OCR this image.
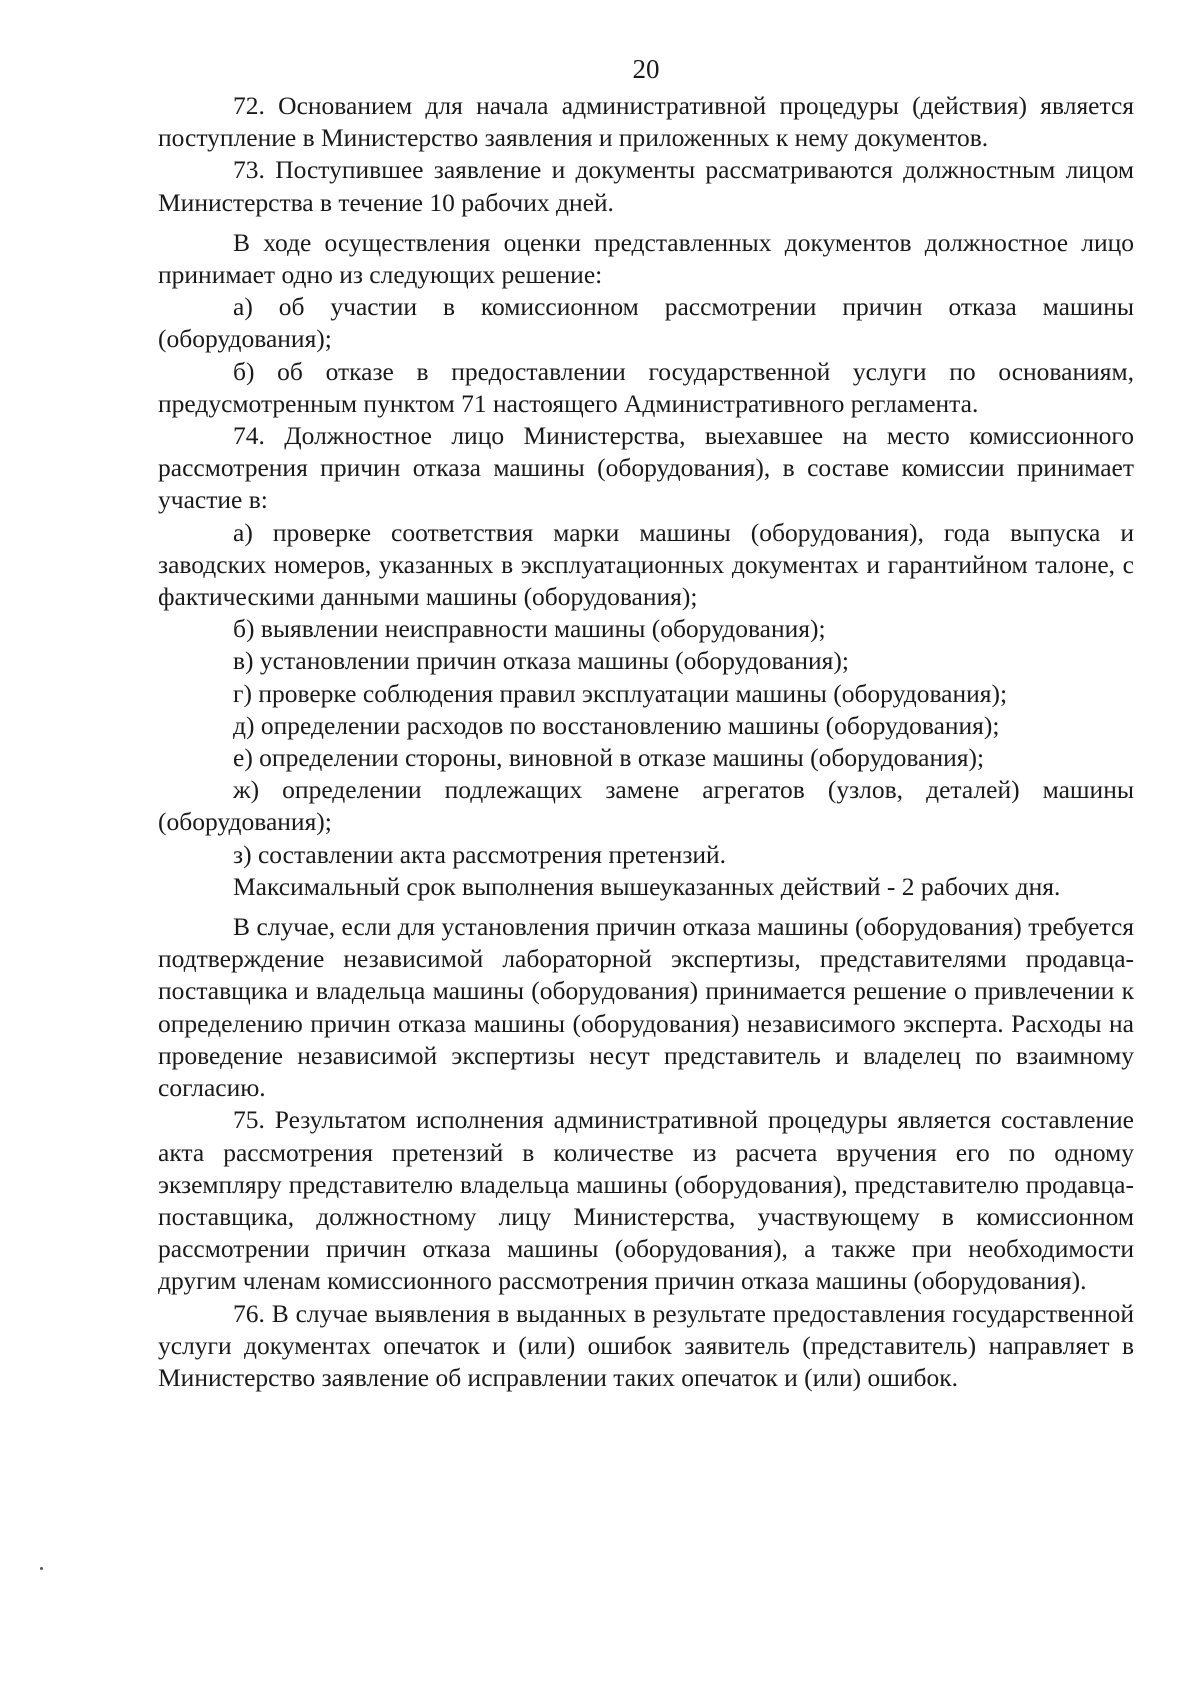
20

72. Основанием для начала административной процедуры (действия) является поступление в Министерство заявления и приложенных к нему документов.

73. Поступившее заявление и документы рассматриваются должностным лицом Министерства в течение 10 рабочих дней.

В ходе осуществления оценки представленных документов должностное лицо принимает одно из следующих решение:

а) об участии в комиссионном рассмотрении причин отказа машины (оборудования);

б) об отказе в предоставлении государственной услуги по основаниям, предусмотренным пунктом 71 настоящего Административного регламента.

74. Должностное лицо Министерства, выехавшее на место комиссионного рассмотрения причин отказа машины (оборудования), в составе комиссии принимает участие в:

а) проверке соответствия марки машины (оборудования), года выпуска и заводских номеров, указанных в эксплуатационных документах и гарантийном талоне, с фактическими данными машины (оборудования);

б) выявлении неисправности машины (оборудования);

в) установлении причин отказа машины (оборудования);

г) проверке соблюдения правил эксплуатации машины (оборудования);

д) определении расходов по восстановлению машины (оборудования);

е) определении стороны, виновной в отказе машины (оборудования);

ж) определении подлежащих замене агрегатов (узлов, деталей) машины (оборудования);

з) составлении акта рассмотрения претензий.

Максимальный срок выполнения вышеуказанных действий - 2 рабочих дня.

В случае, если для установления причин отказа машины (оборудования) требуется подтверждение независимой лабораторной экспертизы, представителями продавца-поставщика и владельца машины (оборудования) принимается решение о привлечении к определению причин отказа машины (оборудования) независимого эксперта. Расходы на проведение независимой экспертизы несут представитель и владелец по взаимному согласию.

75. Результатом исполнения административной процедуры является составление акта рассмотрения претензий в количестве из расчета вручения его по одному экземпляру представителю владельца машины (оборудования), представителю продавца-поставщика, должностному лицу Министерства, участвующему в комиссионном рассмотрении причин отказа машины (оборудования), а также при необходимости другим членам комиссионного рассмотрения причин отказа машины (оборудования).

76. В случае выявления в выданных в результате предоставления государственной услуги документах опечаток и (или) ошибок заявитель (представитель) направляет в Министерство заявление об исправлении таких опечаток и (или) ошибок.
